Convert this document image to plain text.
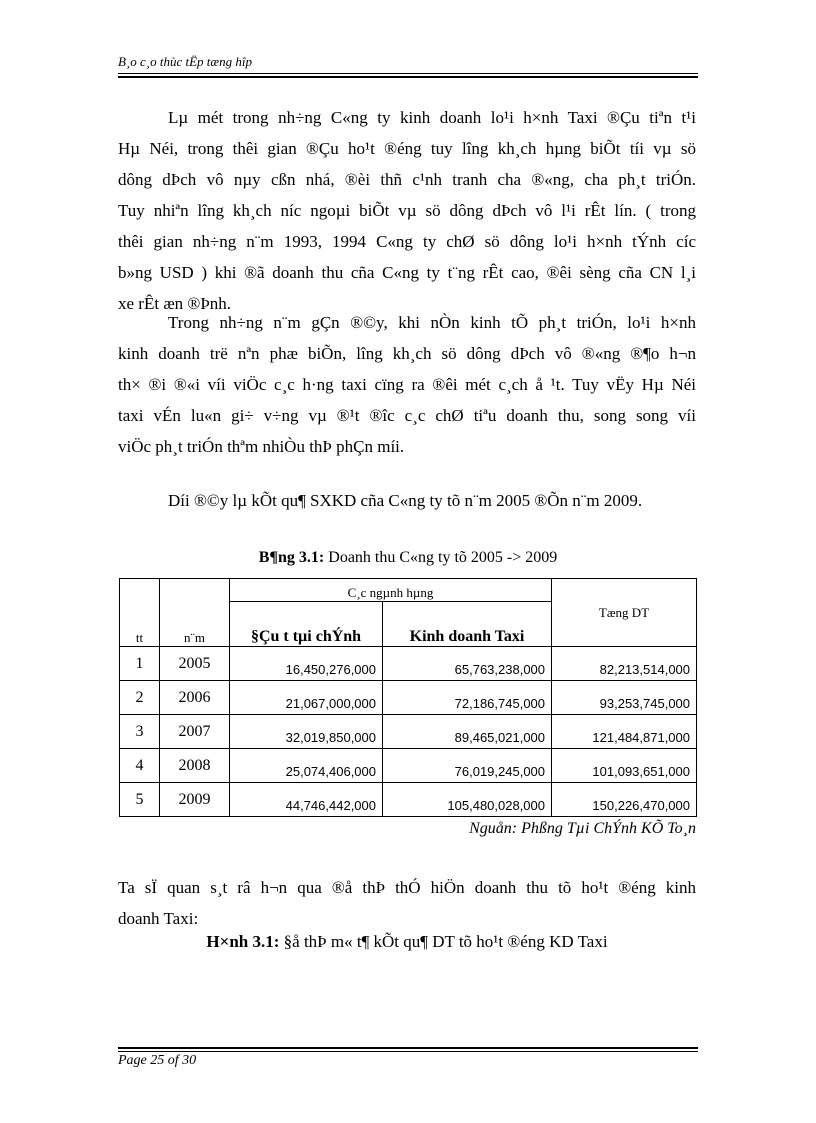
B¸o c¸o thùc tËp tæng hîp
Lµ mét trong nh÷ng C«ng ty kinh doanh lo¹i h×nh Taxi ®Çu tiªn t¹i
Hµ Néi, trong thêi gian ®Çu ho¹t ®éng tuy lîng kh¸ch hµng biÕt tíi vµ sö
dông dÞch vô nµy cßn nhá, ®èi thñ c¹nh tranh cha ®«ng, cha ph¸t triÓn.
Tuy nhiªn lîng kh¸ch níc ngoµi biÕt vµ sö dông dÞch vô l¹i rÊt lín. ( trong
thêi gian nh÷ng n¨m 1993, 1994 C«ng ty chØ sö dông lo¹i h×nh tÝnh cíc
b»ng USD ) khi ®ã doanh thu cña C«ng ty t¨ng rÊt cao, ®êi sèng cña CN l¸i
xe rÊt æn ®Þnh.
Trong nh÷ng n¨m gÇn ®©y, khi nÒn kinh tÕ ph¸t triÓn, lo¹i h×nh
kinh doanh trë nªn phæ biÕn, lîng kh¸ch sö dông dÞch vô ®«ng ®¶o h¬n
th× ®i ®«i víi viÖc c¸c h·ng taxi cïng ra ®êi mét c¸ch å ¹t. Tuy vËy Hµ Néi
taxi vÉn lu«n gi÷ v÷ng vµ ®¹t ®îc c¸c chØ tiªu doanh thu, song song víi
viÖc ph¸t triÓn thªm nhiÒu thÞ phÇn míi.
Díi ®©y lµ kÕt qu¶ SXKD cña C«ng ty tõ n¨m 2005 ®Õn n¨m 2009.
B¶ng 3.1: Doanh thu C«ng ty tõ 2005 -> 2009
tt	n¨m	C¸c ngµnh hµng		Tæng DT
		§Çu t tµi chÝnh	Kinh doanh Taxi	
1	2005	16,450,276,000	65,763,238,000	82,213,514,000
2	2006	21,067,000,000	72,186,745,000	93,253,745,000
3	2007	32,019,850,000	89,465,021,000	121,484,871,000
4	2008	25,074,406,000	76,019,245,000	101,093,651,000
5	2009	44,746,442,000	105,480,028,000	150,226,470,000
Nguån: Phßng Tµi ChÝnh KÕ To¸n
Ta sÏ quan s¸t râ h¬n qua ®å thÞ thÓ hiÖn doanh thu tõ ho¹t ®éng kinh
doanh Taxi:
H×nh 3.1: §å thÞ m« t¶ kÕt qu¶ DT tõ ho¹t ®éng KD Taxi
Page 25 of 30
